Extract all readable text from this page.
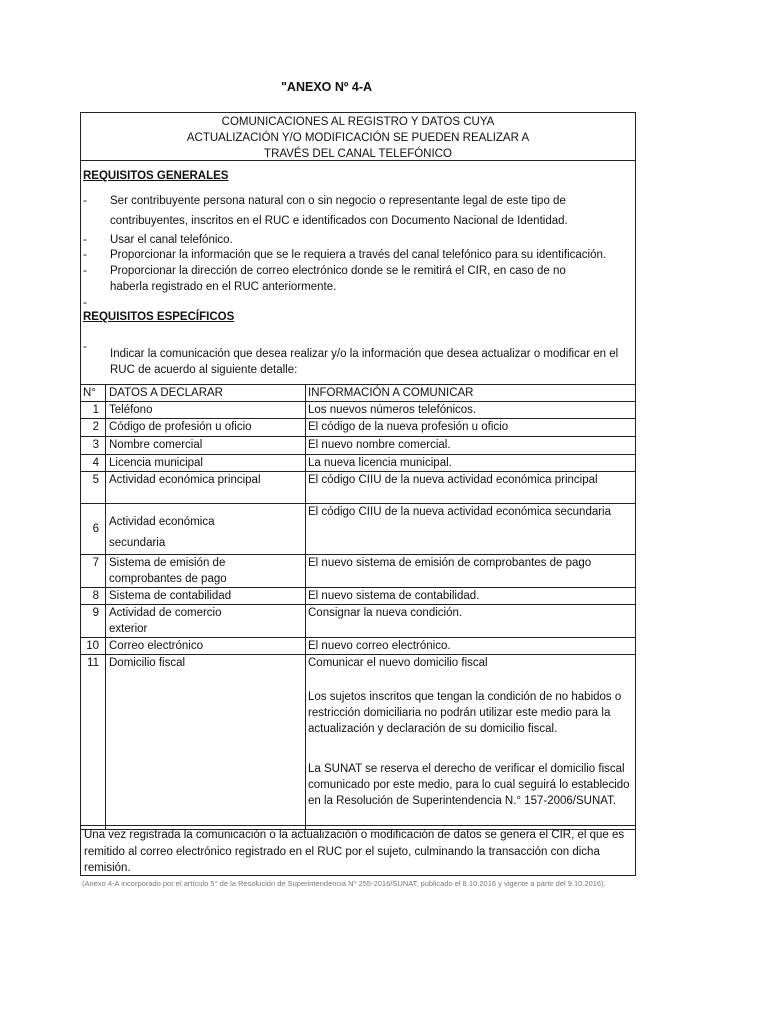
"ANEXO Nº 4-A
COMUNICACIONES AL REGISTRO Y DATOS CUYA
ACTUALIZACIÓN Y/O MODIFICACIÓN SE PUEDEN REALIZAR A
TRAVÉS DEL CANAL TELEFÓNICO
REQUISITOS GENERALES
- Ser contribuyente persona natural con o sin negocio o representante legal de este tipo de
contribuyentes, inscritos en el RUC e identificados con Documento Nacional de Identidad.
- Usar el canal telefónico.
- Proporcionar la información que se le requiera a través del canal telefónico para su identificación.
- Proporcionar la dirección de correo electrónico donde se le remitirá el CIR, en caso de no
haberla registrado en el RUC anteriormente.
-
REQUISITOS ESPECÍFICOS
-
Indicar la comunicación que desea realizar y/o la información que desea actualizar o modificar en el
RUC de acuerdo al siguiente detalle:
N°	DATOS A DECLARAR	INFORMACIÓN A COMUNICAR
1	Teléfono	Los nuevos números telefónicos.
2	Código de profesión u oficio	El código de la nueva profesión u oficio
3	Nombre comercial	El nuevo nombre comercial.
4	Licencia municipal	La nueva licencia municipal.
5	Actividad económica principal	El código CIIU de la nueva actividad económica principal
6	Actividad económica secundaria	El código CIIU de la nueva actividad económica secundaria
7	Sistema de emisión de comprobantes de pago	El nuevo sistema de emisión de comprobantes de pago
8	Sistema de contabilidad	El nuevo sistema de contabilidad.
9	Actividad de comercio exterior	Consignar la nueva condición.
10	Correo electrónico	El nuevo correo electrónico.
11	Domicilio fiscal	Comunicar el nuevo domicilio fiscal
Los sujetos inscritos que tengan la condición de no habidos o restricción domiciliaria no podrán utilizar este medio para la actualización y declaración de su domicilio fiscal.
La SUNAT se reserva el derecho de verificar el domicilio fiscal comunicado por este medio, para lo cual seguirá lo establecido en la Resolución de Superintendencia N.° 157-2006/SUNAT.
Una vez registrada la comunicación o la actualización o modificación de datos se genera el CIR, el que es remitido al correo electrónico registrado en el RUC por el sujeto, culminando la transacción con dicha remisión.
(Anexo 4-A incorporado por el artículo 5° de la Resolución de Superintendencia N° 255-2016/SUNAT, publicado el 8.10.2016 y vigente a partir del 9.10.2016).
